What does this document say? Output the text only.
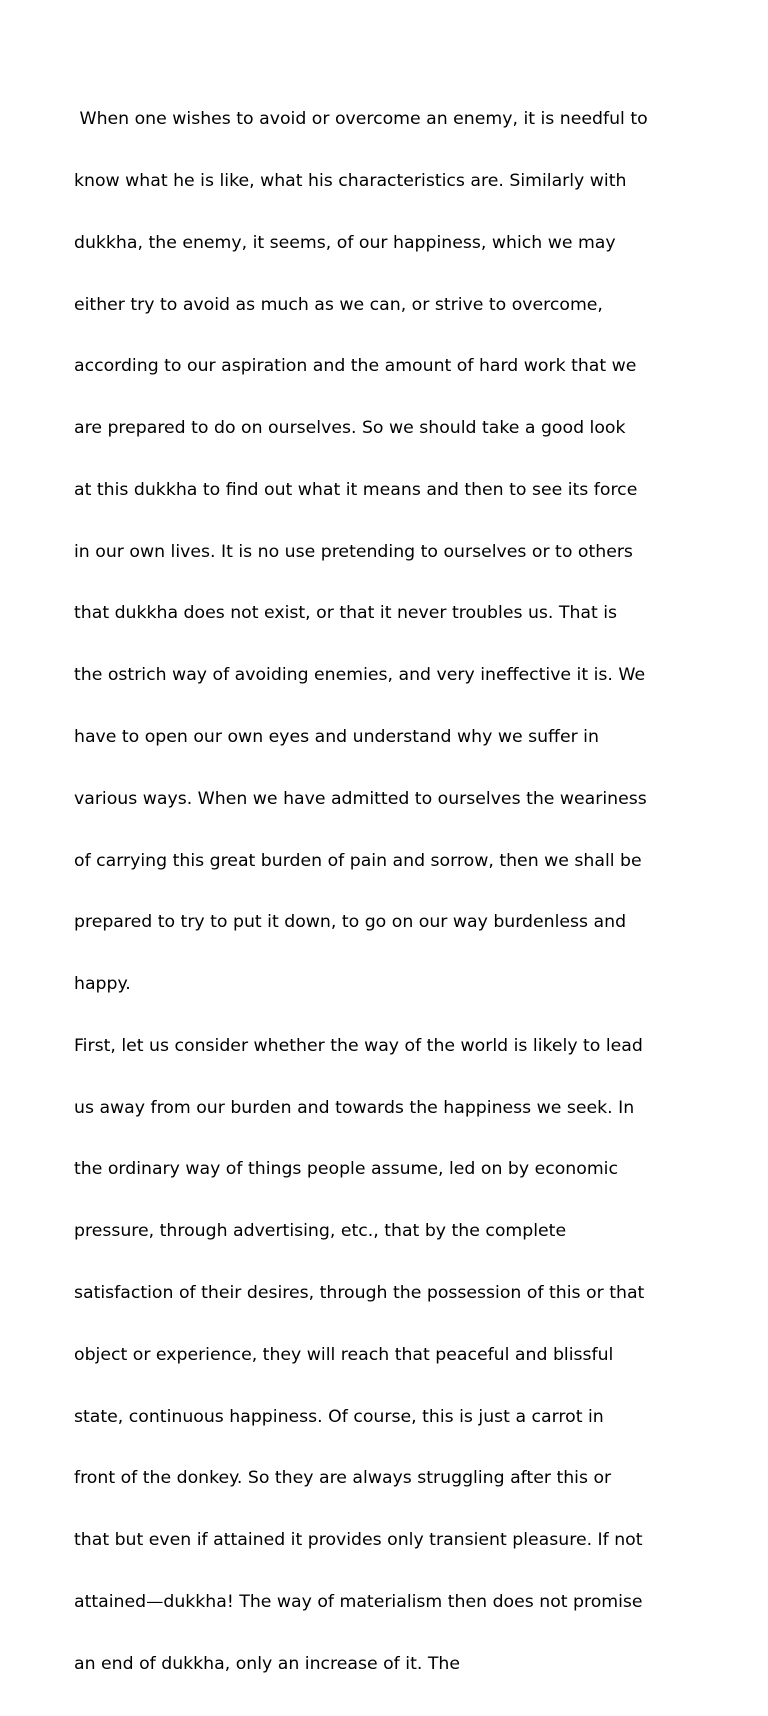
When one wishes to avoid or overcome an enemy, it is needful to

know what he is like, what his characteristics are. Similarly with

dukkha, the enemy, it seems, of our happiness, which we may

either try to avoid as much as we can, or strive to overcome,

according to our aspiration and the amount of hard work that we

are prepared to do on ourselves. So we should take a good look

at this dukkha to find out what it means and then to see its force

in our own lives. It is no use pretending to ourselves or to others

that dukkha does not exist, or that it never troubles us. That is

the ostrich way of avoiding enemies, and very ineffective it is. We

have to open our own eyes and understand why we suffer in

various ways. When we have admitted to ourselves the weariness

of carrying this great burden of pain and sorrow, then we shall be

prepared to try to put it down, to go on our way burdenless and

happy.

First, let us consider whether the way of the world is likely to lead

us away from our burden and towards the happiness we seek. In

the ordinary way of things people assume, led on by economic

pressure, through advertising, etc., that by the complete

satisfaction of their desires, through the possession of this or that

object or experience, they will reach that peaceful and blissful

state, continuous happiness. Of course, this is just a carrot in

front of the donkey. So they are always struggling after this or

that but even if attained it provides only transient pleasure. If not

attained—dukkha! The way of materialism then does not promise

an end of dukkha, only an increase of it. The
